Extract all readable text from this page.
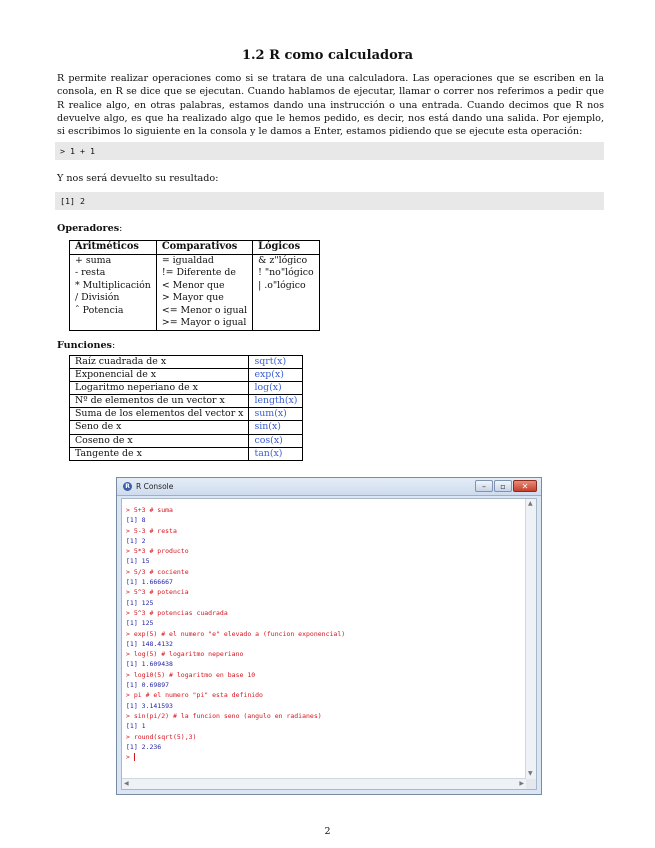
1.2 R como calculadora
R permite realizar operaciones como si se tratara de una calculadora. Las operaciones que se escriben en la consola, en R se dice que se ejecutan. Cuando hablamos de ejecutar, llamar o correr nos referimos a pedir que R realice algo, en otras palabras, estamos dando una instrucción o una entrada. Cuando decimos que R nos devuelve algo, es que ha realizado algo que le hemos pedido, es decir, nos está dando una salida. Por ejemplo, si escribimos lo siguiente en la consola y le damos a Enter, estamos pidiendo que se ejecute esta operación:
> 1 + 1
Y nos será devuelto su resultado:
[1] 2
Operadores:
Aritméticos	Comparativos	Lógicos
+ suma	= igualdad	& z"lógico
- resta	!= Diferente de	! "no"lógico
* Multiplicación	< Menor que	| .o"lógico
/ División	> Mayor que	
ˆ Potencia	<= Menor o igual	
	>= Mayor o igual	
Funciones:
Raíz cuadrada de x	sqrt(x)
Exponencial de x	exp(x)
Logaritmo neperiano de x	log(x)
Nº de elementos de un vector x	length(x)
Suma de los elementos del vector x	sum(x)
Seno de x	sin(x)
Coseno de x	cos(x)
Tangente de x	tan(x)
R R Console	–	▫	✕
> 5+3 # suma
[1] 8
> 5-3 # resta
[1] 2
> 5*3 # producto
[1] 15
> 5/3 # cociente
[1] 1.666667
> 5^3 # potencia
[1] 125
> 5^3 # potencias cuadrada
[1] 125
> exp(5) # el numero "e" elevado a (funcion exponencial)
[1] 148.4132
> log(5) # logaritmo neperiano
[1] 1.609438
> log10(5) # logaritmo en base 10
[1] 0.69897
> pi # el numero "pi" esta definido
[1] 3.141593
> sin(pi/2) # la funcion seno (angulo en radianes)
[1] 1
> round(sqrt(5),3)
[1] 2.236
>
▲
▼
◀	▶
2
